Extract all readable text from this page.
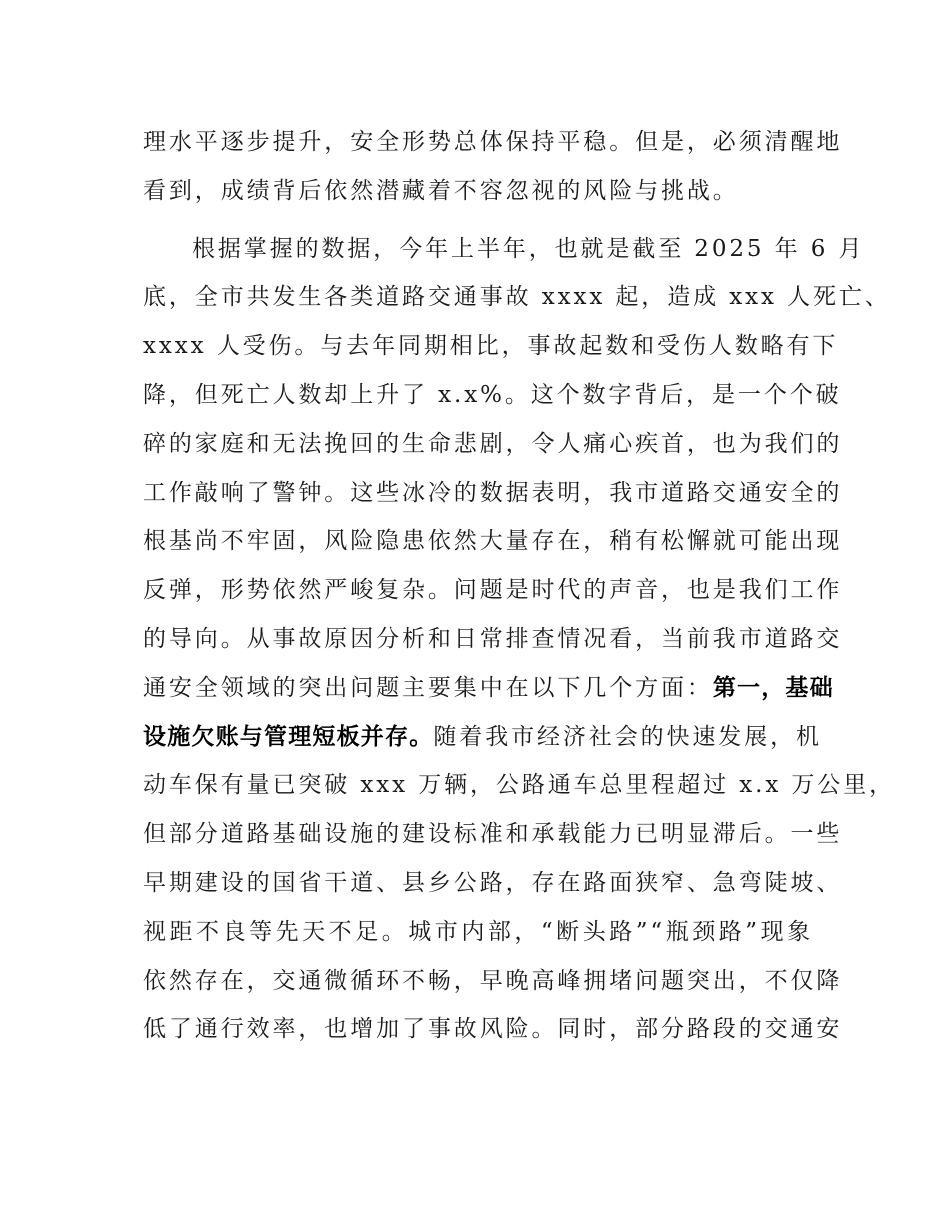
理水平逐步提升，安全形势总体保持平稳。但是，必须清醒地
看到，成绩背后依然潜藏着不容忽视的风险与挑战。
根据掌握的数据，今年上半年，也就是截至 2025 年 6 月
底，全市共发生各类道路交通事故 xxxx 起，造成 xxx 人死亡、
xxxx 人受伤。与去年同期相比，事故起数和受伤人数略有下
降，但死亡人数却上升了 x.x%。这个数字背后，是一个个破
碎的家庭和无法挽回的生命悲剧，令人痛心疾首，也为我们的
工作敲响了警钟。这些冰冷的数据表明，我市道路交通安全的
根基尚不牢固，风险隐患依然大量存在，稍有松懈就可能出现
反弹，形势依然严峻复杂。问题是时代的声音，也是我们工作
的导向。从事故原因分析和日常排查情况看，当前我市道路交
通安全领域的突出问题主要集中在以下几个方面：第一，基础
设施欠账与管理短板并存。随着我市经济社会的快速发展，机
动车保有量已突破 xxx 万辆，公路通车总里程超过 x.x 万公里，
但部分道路基础设施的建设标准和承载能力已明显滞后。一些
早期建设的国省干道、县乡公路，存在路面狭窄、急弯陡坡、
视距不良等先天不足。城市内部，“断头路”“瓶颈路”现象
依然存在，交通微循环不畅，早晚高峰拥堵问题突出，不仅降
低了通行效率，也增加了事故风险。同时，部分路段的交通安
